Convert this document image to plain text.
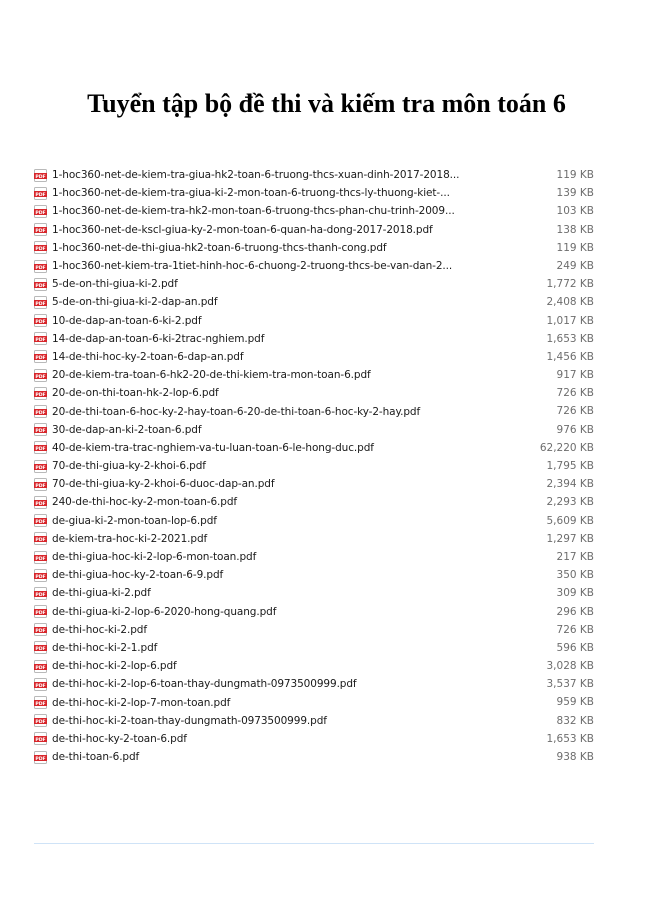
Tuyển tập bộ đề thi và kiếm tra môn toán 6
PDF 1-hoc360-net-de-kiem-tra-giua-hk2-toan-6-truong-thcs-xuan-dinh-2017-2018...	119 KB
PDF 1-hoc360-net-de-kiem-tra-giua-ki-2-mon-toan-6-truong-thcs-ly-thuong-kiet-...	139 KB
PDF 1-hoc360-net-de-kiem-tra-hk2-mon-toan-6-truong-thcs-phan-chu-trinh-2009...	103 KB
PDF 1-hoc360-net-de-kscl-giua-ky-2-mon-toan-6-quan-ha-dong-2017-2018.pdf	138 KB
PDF 1-hoc360-net-de-thi-giua-hk2-toan-6-truong-thcs-thanh-cong.pdf	119 KB
PDF 1-hoc360-net-kiem-tra-1tiet-hinh-hoc-6-chuong-2-truong-thcs-be-van-dan-2...	249 KB
PDF 5-de-on-thi-giua-ki-2.pdf	1,772 KB
PDF 5-de-on-thi-giua-ki-2-dap-an.pdf	2,408 KB
PDF 10-de-dap-an-toan-6-ki-2.pdf	1,017 KB
PDF 14-de-dap-an-toan-6-ki-2trac-nghiem.pdf	1,653 KB
PDF 14-de-thi-hoc-ky-2-toan-6-dap-an.pdf	1,456 KB
PDF 20-de-kiem-tra-toan-6-hk2-20-de-thi-kiem-tra-mon-toan-6.pdf	917 KB
PDF 20-de-on-thi-toan-hk-2-lop-6.pdf	726 KB
PDF 20-de-thi-toan-6-hoc-ky-2-hay-toan-6-20-de-thi-toan-6-hoc-ky-2-hay.pdf	726 KB
PDF 30-de-dap-an-ki-2-toan-6.pdf	976 KB
PDF 40-de-kiem-tra-trac-nghiem-va-tu-luan-toan-6-le-hong-duc.pdf	62,220 KB
PDF 70-de-thi-giua-ky-2-khoi-6.pdf	1,795 KB
PDF 70-de-thi-giua-ky-2-khoi-6-duoc-dap-an.pdf	2,394 KB
PDF 240-de-thi-hoc-ky-2-mon-toan-6.pdf	2,293 KB
PDF de-giua-ki-2-mon-toan-lop-6.pdf	5,609 KB
PDF de-kiem-tra-hoc-ki-2-2021.pdf	1,297 KB
PDF de-thi-giua-hoc-ki-2-lop-6-mon-toan.pdf	217 KB
PDF de-thi-giua-hoc-ky-2-toan-6-9.pdf	350 KB
PDF de-thi-giua-ki-2.pdf	309 KB
PDF de-thi-giua-ki-2-lop-6-2020-hong-quang.pdf	296 KB
PDF de-thi-hoc-ki-2.pdf	726 KB
PDF de-thi-hoc-ki-2-1.pdf	596 KB
PDF de-thi-hoc-ki-2-lop-6.pdf	3,028 KB
PDF de-thi-hoc-ki-2-lop-6-toan-thay-dungmath-0973500999.pdf	3,537 KB
PDF de-thi-hoc-ki-2-lop-7-mon-toan.pdf	959 KB
PDF de-thi-hoc-ki-2-toan-thay-dungmath-0973500999.pdf	832 KB
PDF de-thi-hoc-ky-2-toan-6.pdf	1,653 KB
PDF de-thi-toan-6.pdf	938 KB
